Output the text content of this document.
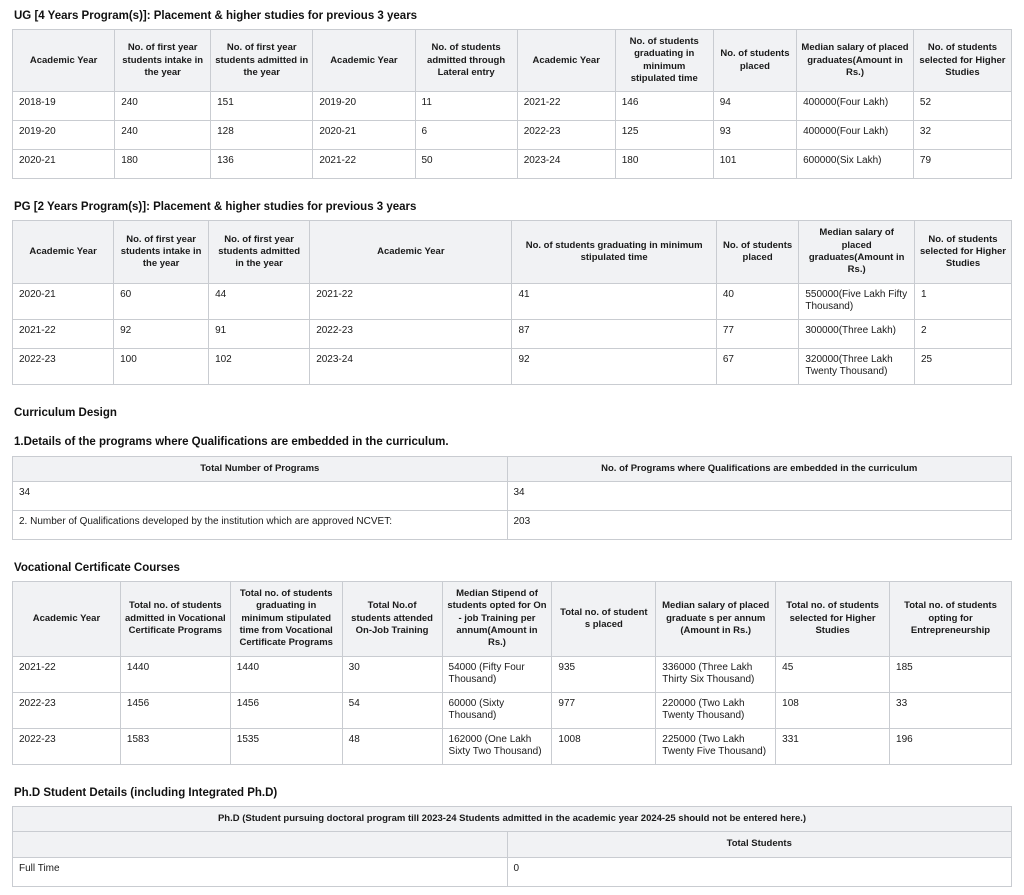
UG [4 Years Program(s)]: Placement & higher studies for previous 3 years
Academic Year	No. of first year students intake in the year	No. of first year students admitted in the year	Academic Year	No. of students admitted through Lateral entry	Academic Year	No. of students graduating in minimum stipulated time	No. of students placed	Median salary of placed graduates(Amount in Rs.)	No. of students selected for Higher Studies
2018-19	240	151	2019-20	11	2021-22	146	94	400000(Four Lakh)	52
2019-20	240	128	2020-21	6	2022-23	125	93	400000(Four Lakh)	32
2020-21	180	136	2021-22	50	2023-24	180	101	600000(Six Lakh)	79
PG [2 Years Program(s)]: Placement & higher studies for previous 3 years
Academic Year	No. of first year students intake in the year	No. of first year students admitted in the year	Academic Year	No. of students graduating in minimum stipulated time	No. of students placed	Median salary of placed graduates(Amount in Rs.)	No. of students selected for Higher Studies
2020-21	60	44	2021-22	41	40	550000(Five Lakh Fifty Thousand)	1
2021-22	92	91	2022-23	87	77	300000(Three Lakh)	2
2022-23	100	102	2023-24	92	67	320000(Three Lakh Twenty Thousand)	25
Curriculum Design
1.Details of the programs where Qualifications are embedded in the curriculum.
Total Number of Programs	No. of Programs where Qualifications are embedded in the curriculum
34	34
2. Number of Qualifications developed by the institution which are approved NCVET:	203
Vocational Certificate Courses
Academic Year	Total no. of students admitted in Vocational Certificate Programs	Total no. of students graduating in minimum stipulated time from Vocational Certificate Programs	Total No.of students attended On-Job Training	Median Stipend of students opted for On - job Training per annum(Amount in Rs.)	Total no. of student s placed	Median salary of placed graduate s per annum (Amount in Rs.)	Total no. of students selected for Higher Studies	Total no. of students opting for Entrepreneurship
2021-22	1440	1440	30	54000 (Fifty Four Thousand)	935	336000 (Three Lakh Thirty Six Thousand)	45	185
2022-23	1456	1456	54	60000 (Sixty Thousand)	977	220000 (Two Lakh Twenty Thousand)	108	33
2022-23	1583	1535	48	162000 (One Lakh Sixty Two Thousand)	1008	225000 (Two Lakh Twenty Five Thousand)	331	196
Ph.D Student Details (including Integrated Ph.D)
Ph.D (Student pursuing doctoral program till 2023-24 Students admitted in the academic year 2024-25 should not be entered here.)	
	Total Students
Full Time	0
